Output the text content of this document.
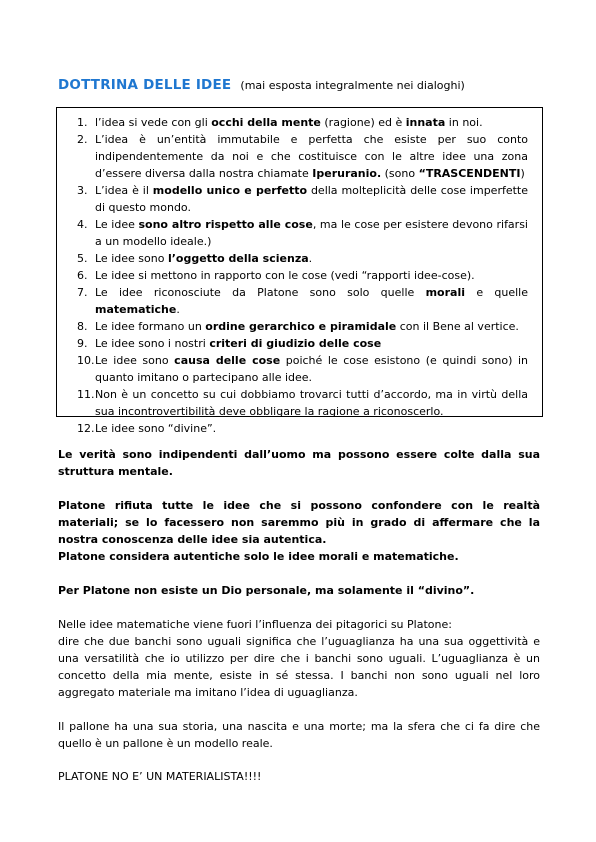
DOTTRINA DELLE IDEE (mai esposta integralmente nei dialoghi)
1. l’idea si vede con gli occhi della mente (ragione) ed è innata in noi.
2. L’idea è un’entità immutabile e perfetta che esiste per suo conto indipendentemente da noi e che costituisce con le altre idee una zona d’essere diversa dalla nostra chiamate Iperuranio. (sono “TRASCENDENTI)
3. L’idea è il modello unico e perfetto della molteplicità delle cose imperfette di questo mondo.
4. Le idee sono altro rispetto alle cose, ma le cose per esistere devono rifarsi a un modello ideale.)
5. Le idee sono l’oggetto della scienza.
6. Le idee si mettono in rapporto con le cose (vedi “rapporti idee-cose).
7. Le idee riconosciute da Platone sono solo quelle morali e quelle matematiche.
8. Le idee formano un ordine gerarchico e piramidale con il Bene al vertice.
9. Le idee sono i nostri criteri di giudizio delle cose
10. Le idee sono causa delle cose poiché le cose esistono (e quindi sono) in quanto imitano o partecipano alle idee.
11. Non è un concetto su cui dobbiamo trovarci tutti d’accordo, ma in virtù della sua incontrovertibilità deve obbligare la ragione a riconoscerlo.
12. Le idee sono “divine”.

Le verità sono indipendenti dall’uomo ma possono essere colte dalla sua struttura mentale.

Platone rifiuta tutte le idee che si possono confondere con le realtà materiali; se lo facessero non saremmo più in grado di affermare che la nostra conoscenza delle idee sia autentica.

Platone considera autentiche solo le idee morali e matematiche.

Per Platone non esiste un Dio personale, ma solamente il “divino”.

Nelle idee matematiche viene fuori l’influenza dei pitagorici su Platone:

dire che due banchi sono uguali significa che l’uguaglianza ha una sua oggettività e una versatilità che io utilizzo per dire che i banchi sono uguali. L’uguaglianza è un concetto della mia mente, esiste in sé stessa. I banchi non sono uguali nel loro aggregato materiale ma imitano l’idea di uguaglianza.

Il pallone ha una sua storia, una nascita e una morte; ma la sfera che ci fa dire che quello è un pallone è un modello reale.

PLATONE NO E’ UN MATERIALISTA!!!!
